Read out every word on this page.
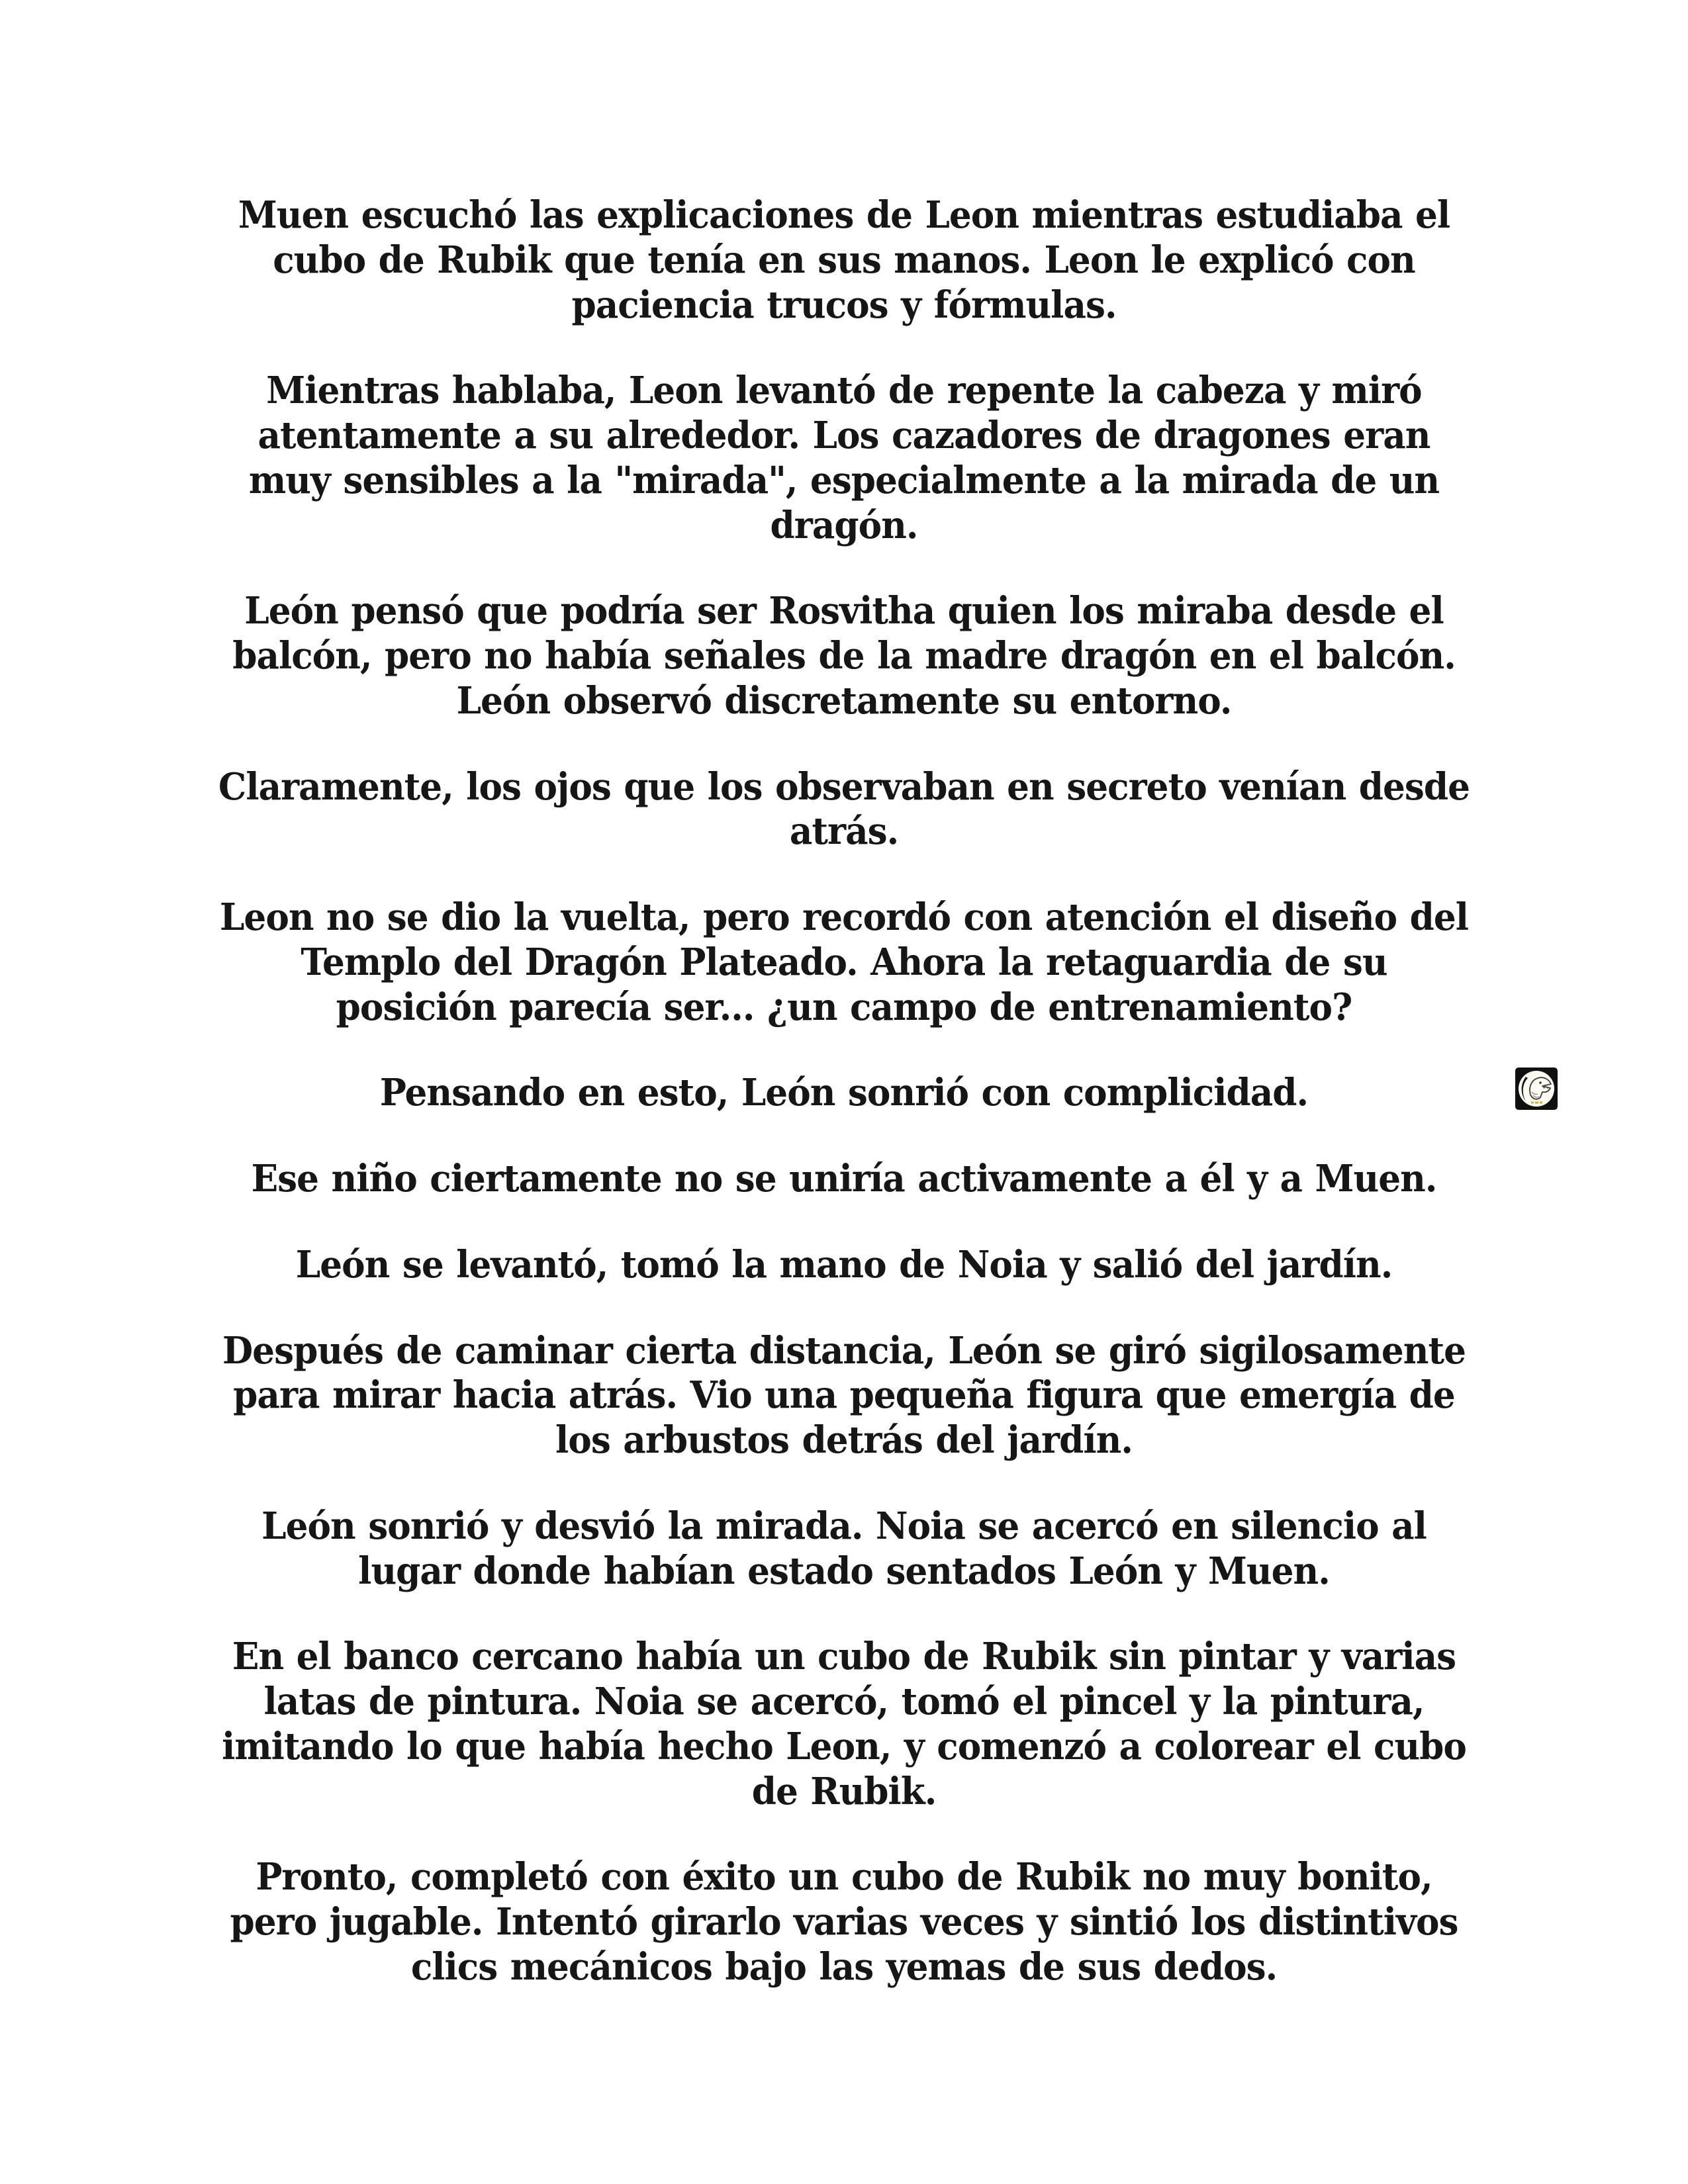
Muen escuchó las explicaciones de Leon mientras estudiaba el cubo de Rubik que tenía en sus manos. Leon le explicó con paciencia trucos y fórmulas.

Mientras hablaba, Leon levantó de repente la cabeza y miró atentamente a su alrededor. Los cazadores de dragones eran muy sensibles a la "mirada", especialmente a la mirada de un dragón.

León pensó que podría ser Rosvitha quien los miraba desde el balcón, pero no había señales de la madre dragón en el balcón. León observó discretamente su entorno.

Claramente, los ojos que los observaban en secreto venían desde atrás.

Leon no se dio la vuelta, pero recordó con atención el diseño del Templo del Dragón Plateado. Ahora la retaguardia de su posición parecía ser... ¿un campo de entrenamiento?

Pensando en esto, León sonrió con complicidad.

Ese niño ciertamente no se uniría activamente a él y a Muen.

León se levantó, tomó la mano de Noia y salió del jardín.

Después de caminar cierta distancia, León se giró sigilosamente para mirar hacia atrás. Vio una pequeña figura que emergía de los arbustos detrás del jardín.

León sonrió y desvió la mirada. Noia se acercó en silencio al lugar donde habían estado sentados León y Muen.

En el banco cercano había un cubo de Rubik sin pintar y varias latas de pintura. Noia se acercó, tomó el pincel y la pintura, imitando lo que había hecho Leon, y comenzó a colorear el cubo de Rubik.

Pronto, completó con éxito un cubo de Rubik no muy bonito, pero jugable. Intentó girarlo varias veces y sintió los distintivos clics mecánicos bajo las yemas de sus dedos.
